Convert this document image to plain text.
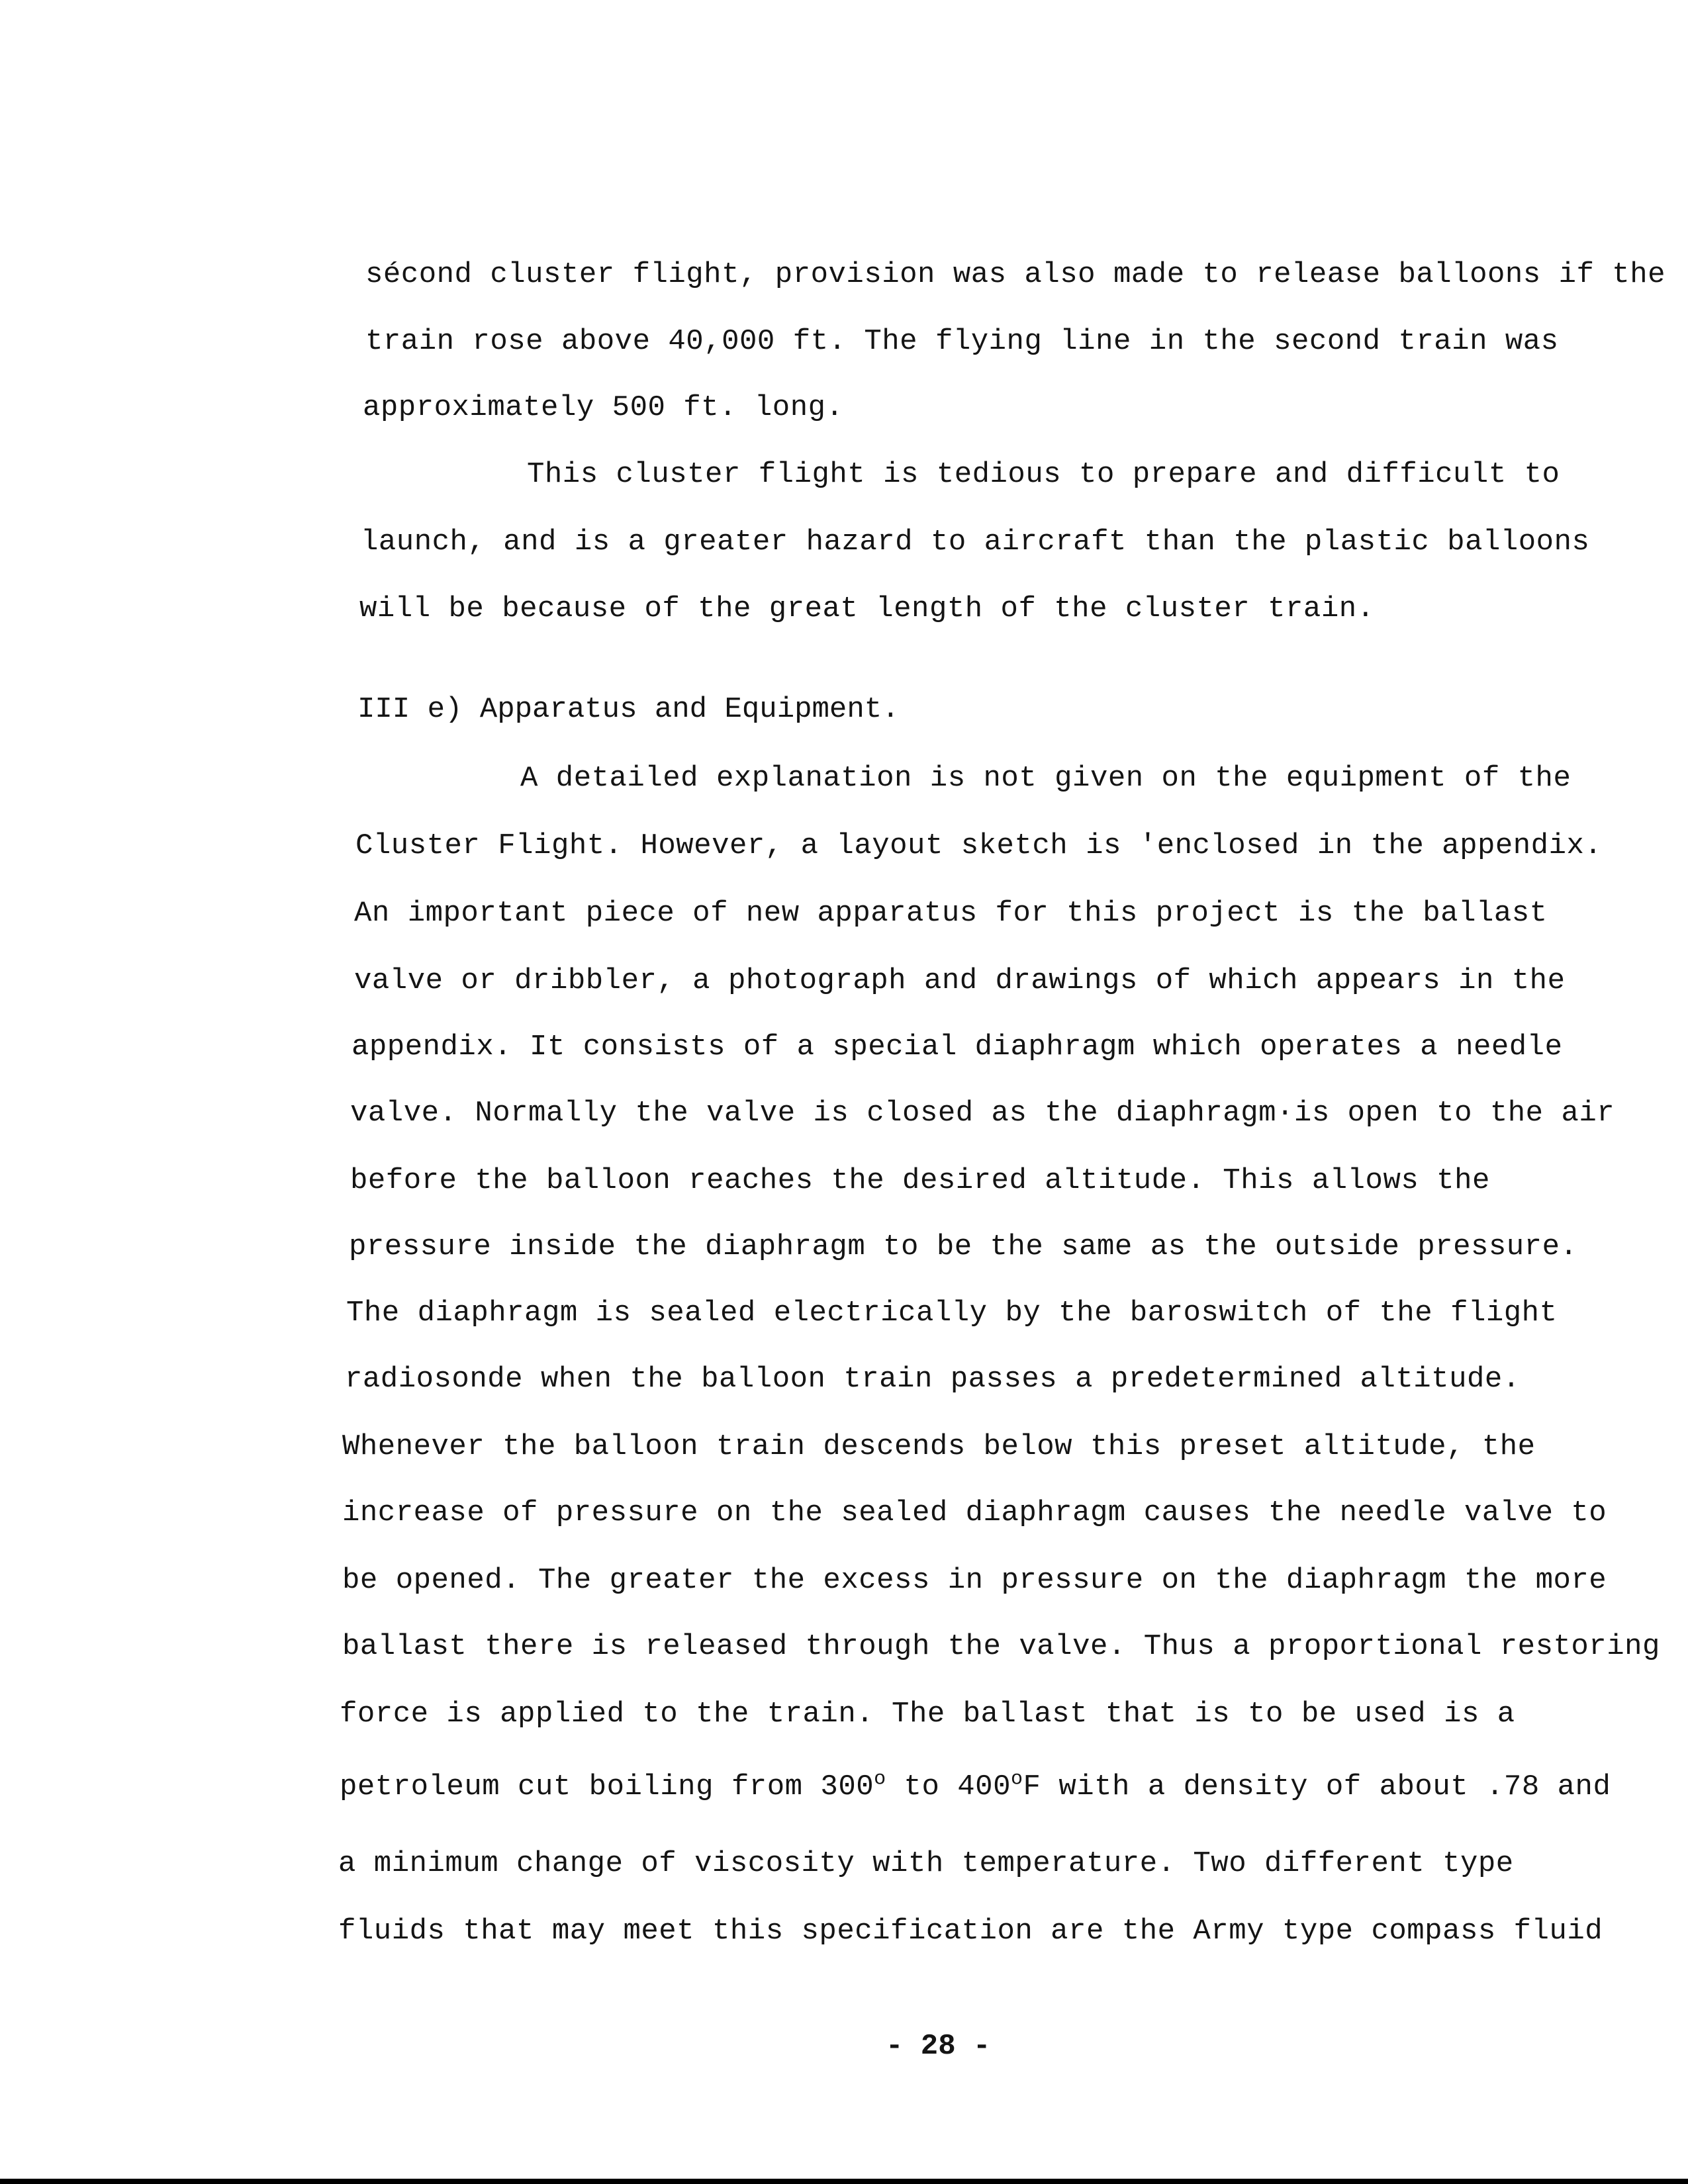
sécond cluster flight, provision was also made to release balloons if the
train rose above 40,000 ft. The flying line in the second train was
approximately 500 ft. long.
This cluster flight is tedious to prepare and difficult to
launch, and is a greater hazard to aircraft than the plastic balloons
will be because of the great length of the cluster train.
III e) Apparatus and Equipment.
A detailed explanation is not given on the equipment of the
Cluster Flight. However, a layout sketch is 'enclosed in the appendix.
An important piece of new apparatus for this project is the ballast
valve or dribbler, a photograph and drawings of which appears in the
appendix. It consists of a special diaphragm which operates a needle
valve. Normally the valve is closed as the diaphragm·is open to the air
before the balloon reaches the desired altitude. This allows the
pressure inside the diaphragm to be the same as the outside pressure.
The diaphragm is sealed electrically by the baroswitch of the flight
radiosonde when the balloon train passes a predetermined altitude.
Whenever the balloon train descends below this preset altitude, the
increase of pressure on the sealed diaphragm causes the needle valve to
be opened. The greater the excess in pressure on the diaphragm the more
ballast there is released through the valve. Thus a proportional restoring
force is applied to the train. The ballast that is to be used is a
petroleum cut boiling from 300$^o$ to 400$^o$F with a density of about .78 and
a minimum change of viscosity with temperature. Two different type
fluids that may meet this specification are the Army type compass fluid
- 28 -
